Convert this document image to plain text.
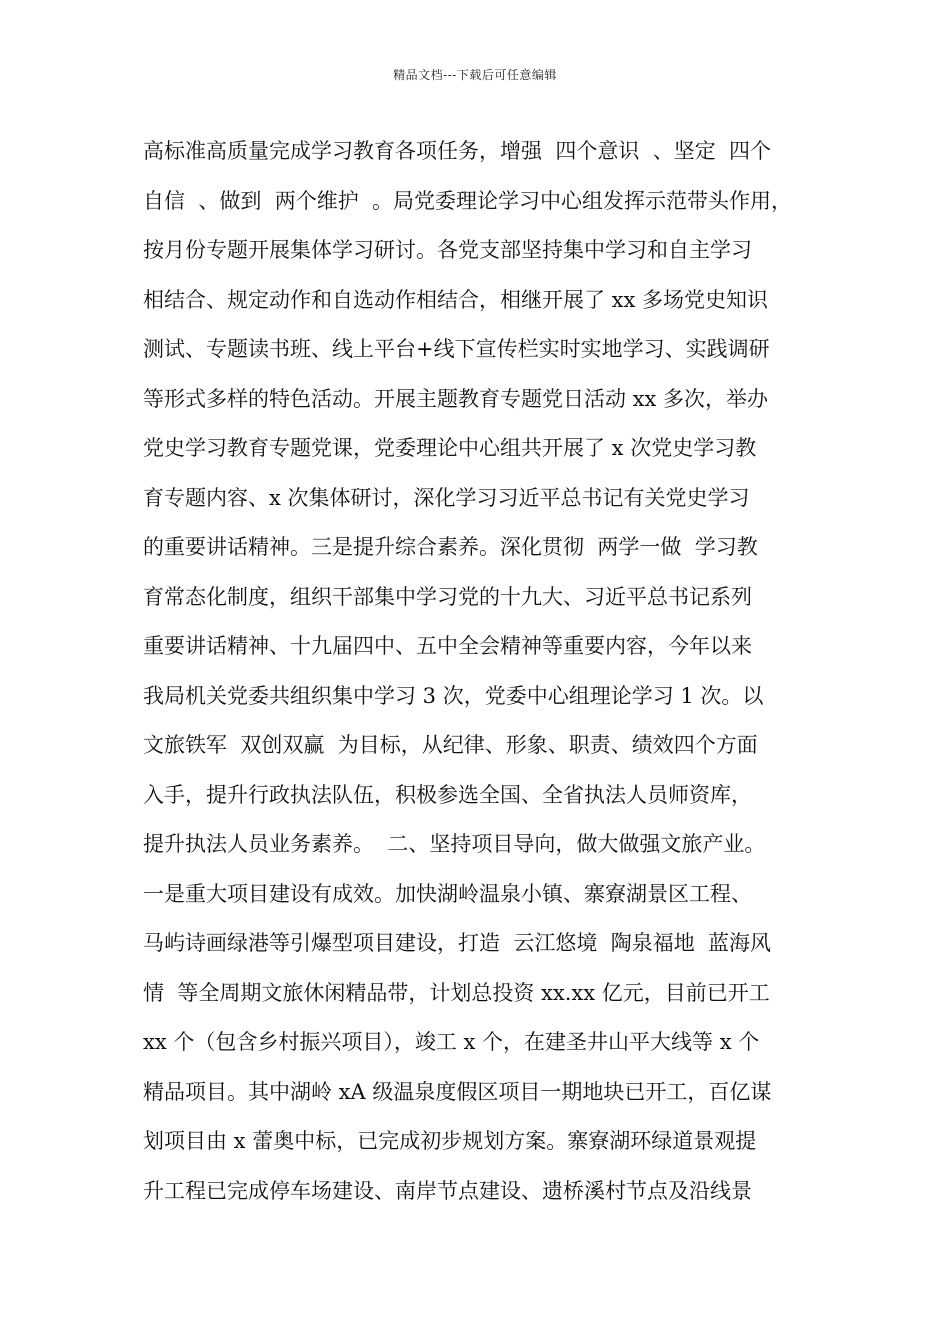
精品文档---下载后可任意编辑
高标准高质量完成学习教育各项任务，增强  四个意识  、坚定  四个
自信  、做到  两个维护  。局党委理论学习中心组发挥示范带头作用，
按月份专题开展集体学习研讨。各党支部坚持集中学习和自主学习
相结合、规定动作和自选动作相结合，相继开展了 xx 多场党史知识
测试、专题读书班、线上平台+线下宣传栏实时实地学习、实践调研
等形式多样的特色活动。开展主题教育专题党日活动 xx 多次，举办
党史学习教育专题党课，党委理论中心组共开展了 x 次党史学习教
育专题内容、x 次集体研讨，深化学习习近平总书记有关党史学习
的重要讲话精神。三是提升综合素养。深化贯彻  两学一做  学习教
育常态化制度，组织干部集中学习党的十九大、习近平总书记系列
重要讲话精神、十九届四中、五中全会精神等重要内容，今年以来
我局机关党委共组织集中学习 3 次，党委中心组理论学习 1 次。以
文旅铁军  双创双赢  为目标，从纪律、形象、职责、绩效四个方面
入手，提升行政执法队伍，积极参选全国、全省执法人员师资库，
提升执法人员业务素养。  二、坚持项目导向，做大做强文旅产业。
一是重大项目建设有成效。加快湖岭温泉小镇、寨寮湖景区工程、
马屿诗画绿港等引爆型项目建设，打造  云江悠境  陶泉福地  蓝海风
情  等全周期文旅休闲精品带，计划总投资 xx.xx 亿元，目前已开工
xx 个（包含乡村振兴项目），竣工 x 个，在建圣井山平大线等 x 个
精品项目。其中湖岭 xA 级温泉度假区项目一期地块已开工，百亿谋
划项目由 x 蕾奥中标，已完成初步规划方案。寨寮湖环绿道景观提
升工程已完成停车场建设、南岸节点建设、遗桥溪村节点及沿线景
